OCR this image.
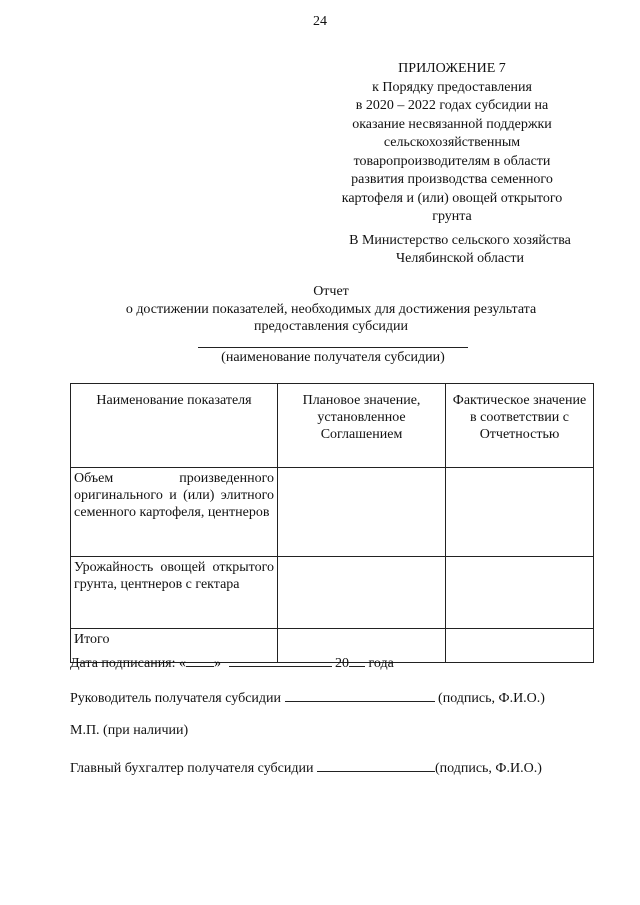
24
ПРИЛОЖЕНИЕ 7
к Порядку предоставления
в 2020 – 2022 годах субсидии на
оказание несвязанной поддержки
сельскохозяйственным
товаропроизводителям в области
развития производства семенного
картофеля и (или) овощей открытого
грунта
В Министерство сельского хозяйства
Челябинской области
Отчет
о достижении показателей, необходимых для достижения результата
предоставления субсидии
(наименование получателя субсидии)
Наименование показателя	Плановое значение, установленное Соглашением	Фактическое значение в соответствии с Отчетностью
Объем произведенного оригинального и (или) элитного семенного картофеля, центнеров		
Урожайность овощей открытого грунта, центнеров с гектара		
Итого		
Дата подписания: « »	20 года
Руководитель получателя субсидии	(подпись, Ф.И.О.)
М.П. (при наличии)
Главный бухгалтер получателя субсидии	(подпись, Ф.И.О.)
